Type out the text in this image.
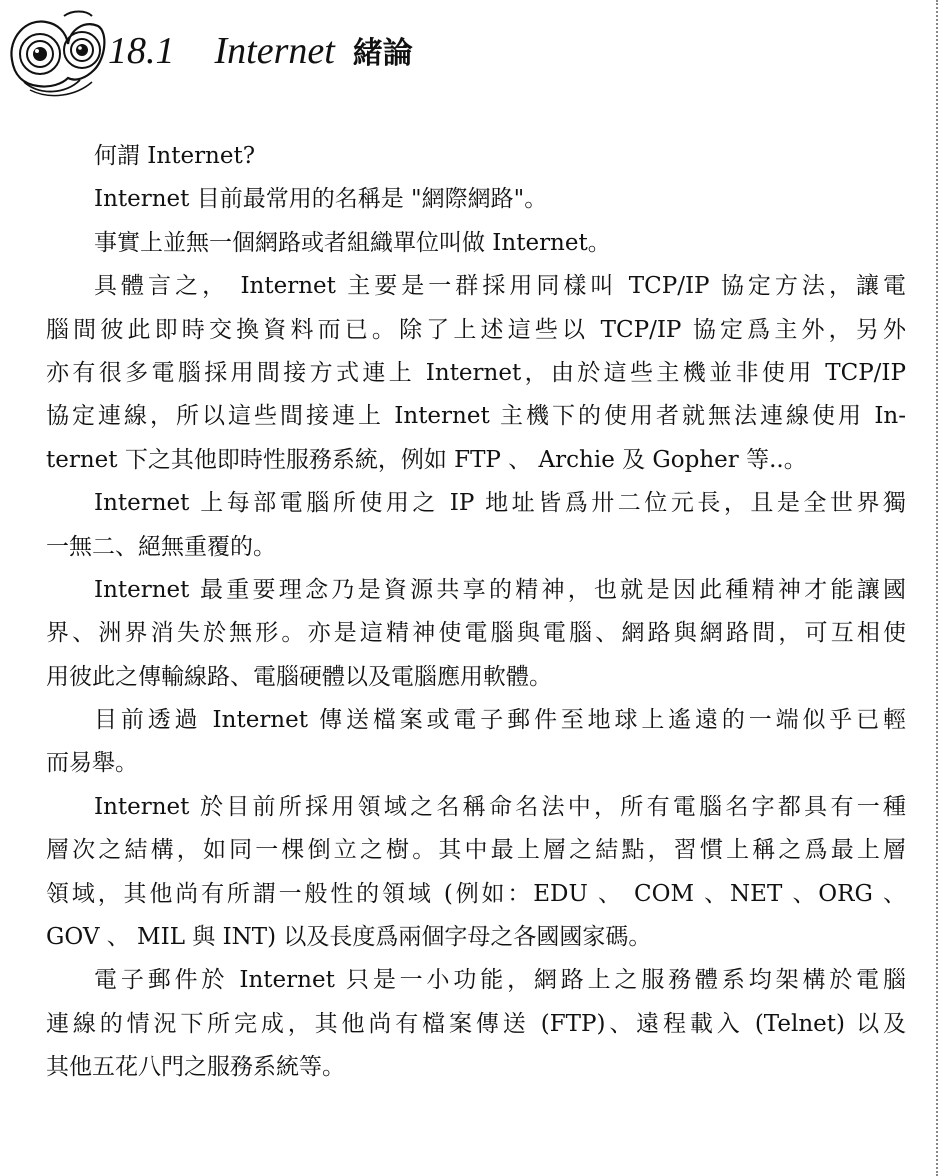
18.1 Internet 緒論
何謂 Internet?
Internet 目前最常用的名稱是 "網際網路"。
事實上並無一個網路或者組織單位叫做 Internet。
具體言之， Internet 主要是一群採用同樣叫 TCP/IP 協定方法，讓電
腦間彼此即時交換資料而已。除了上述這些以 TCP/IP 協定爲主外，另外
亦有很多電腦採用間接方式連上 Internet，由於這些主機並非使用 TCP/IP
協定連線，所以這些間接連上 Internet 主機下的使用者就無法連線使用 In-
ternet 下之其他即時性服務系統，例如 FTP 、 Archie 及 Gopher 等..。
Internet 上每部電腦所使用之 IP 地址皆爲卅二位元長，且是全世界獨
一無二、絕無重覆的。
Internet 最重要理念乃是資源共享的精神，也就是因此種精神才能讓國
界、洲界消失於無形。亦是這精神使電腦與電腦、網路與網路間，可互相使
用彼此之傳輸線路、電腦硬體以及電腦應用軟體。
目前透過 Internet 傳送檔案或電子郵件至地球上遙遠的一端似乎已輕
而易舉。
Internet 於目前所採用領域之名稱命名法中，所有電腦名字都具有一種
層次之結構，如同一棵倒立之樹。其中最上層之結點，習慣上稱之爲最上層
領域，其他尚有所謂一般性的領域 (例如：EDU 、 COM 、NET 、ORG 、
GOV 、 MIL 與 INT) 以及長度爲兩個字母之各國國家碼。
電子郵件於 Internet 只是一小功能，網路上之服務體系均架構於電腦
連線的情況下所完成，其他尚有檔案傳送 (FTP)、遠程載入 (Telnet) 以及
其他五花八門之服務系統等。
